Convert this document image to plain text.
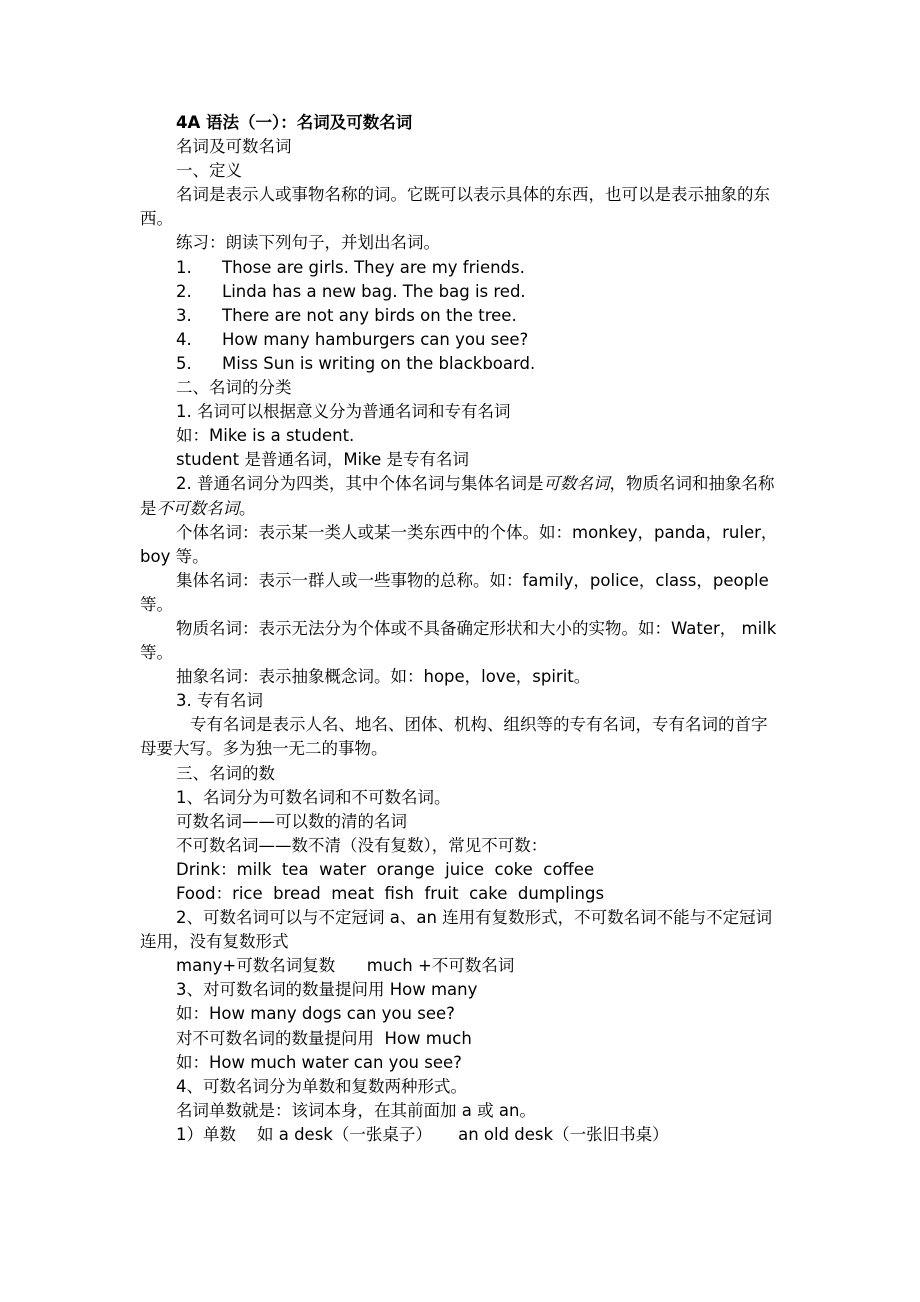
4A 语法（一）：名词及可数名词

名词及可数名词

一、定义

名词是表示人或事物名称的词。它既可以表示具体的东西，也可以是表示抽象的东西。

练习：朗读下列句子，并划出名词。

1.	Those are girls. They are my friends.
2.	Linda has a new bag. The bag is red.
3.	There are not any birds on the tree.
4.	How many hamburgers can you see?
5.	Miss Sun is writing on the blackboard.

二、名词的分类

1. 名词可以根据意义分为普通名词和专有名词

如：Mike is a student.

student 是普通名词，Mike 是专有名词

2. 普通名词分为四类，其中个体名词与集体名词是可数名词，物质名词和抽象名称是不可数名词。

个体名词：表示某一类人或某一类东西中的个体。如：monkey，panda，ruler，boy 等。

集体名词：表示一群人或一些事物的总称。如：family，police，class，people 等。

物质名词：表示无法分为个体或不具备确定形状和大小的实物。如：Water， milk 等。

抽象名词：表示抽象概念词。如：hope，love，spirit。

3. 专有名词

专有名词是表示人名、地名、团体、机构、组织等的专有名词，专有名词的首字母要大写。多为独一无二的事物。

三、名词的数

1、名词分为可数名词和不可数名词。

可数名词——可以数的清的名词

不可数名词——数不清（没有复数），常见不可数：

Drink：milk  tea  water  orange  juice  coke  coffee

Food：rice  bread  meat  fish  fruit  cake  dumplings

2、可数名词可以与不定冠词 a、an 连用有复数形式，不可数名词不能与不定冠词连用，没有复数形式

many+可数名词复数      much +不可数名词

3、对可数名词的数量提问用 How many

如：How many dogs can you see?

对不可数名词的数量提问用  How much

如：How much water can you see?

4、可数名词分为单数和复数两种形式。

名词单数就是：该词本身，在其前面加 a 或 an。

1）单数    如 a desk（一张桌子）     an old desk（一张旧书桌）
